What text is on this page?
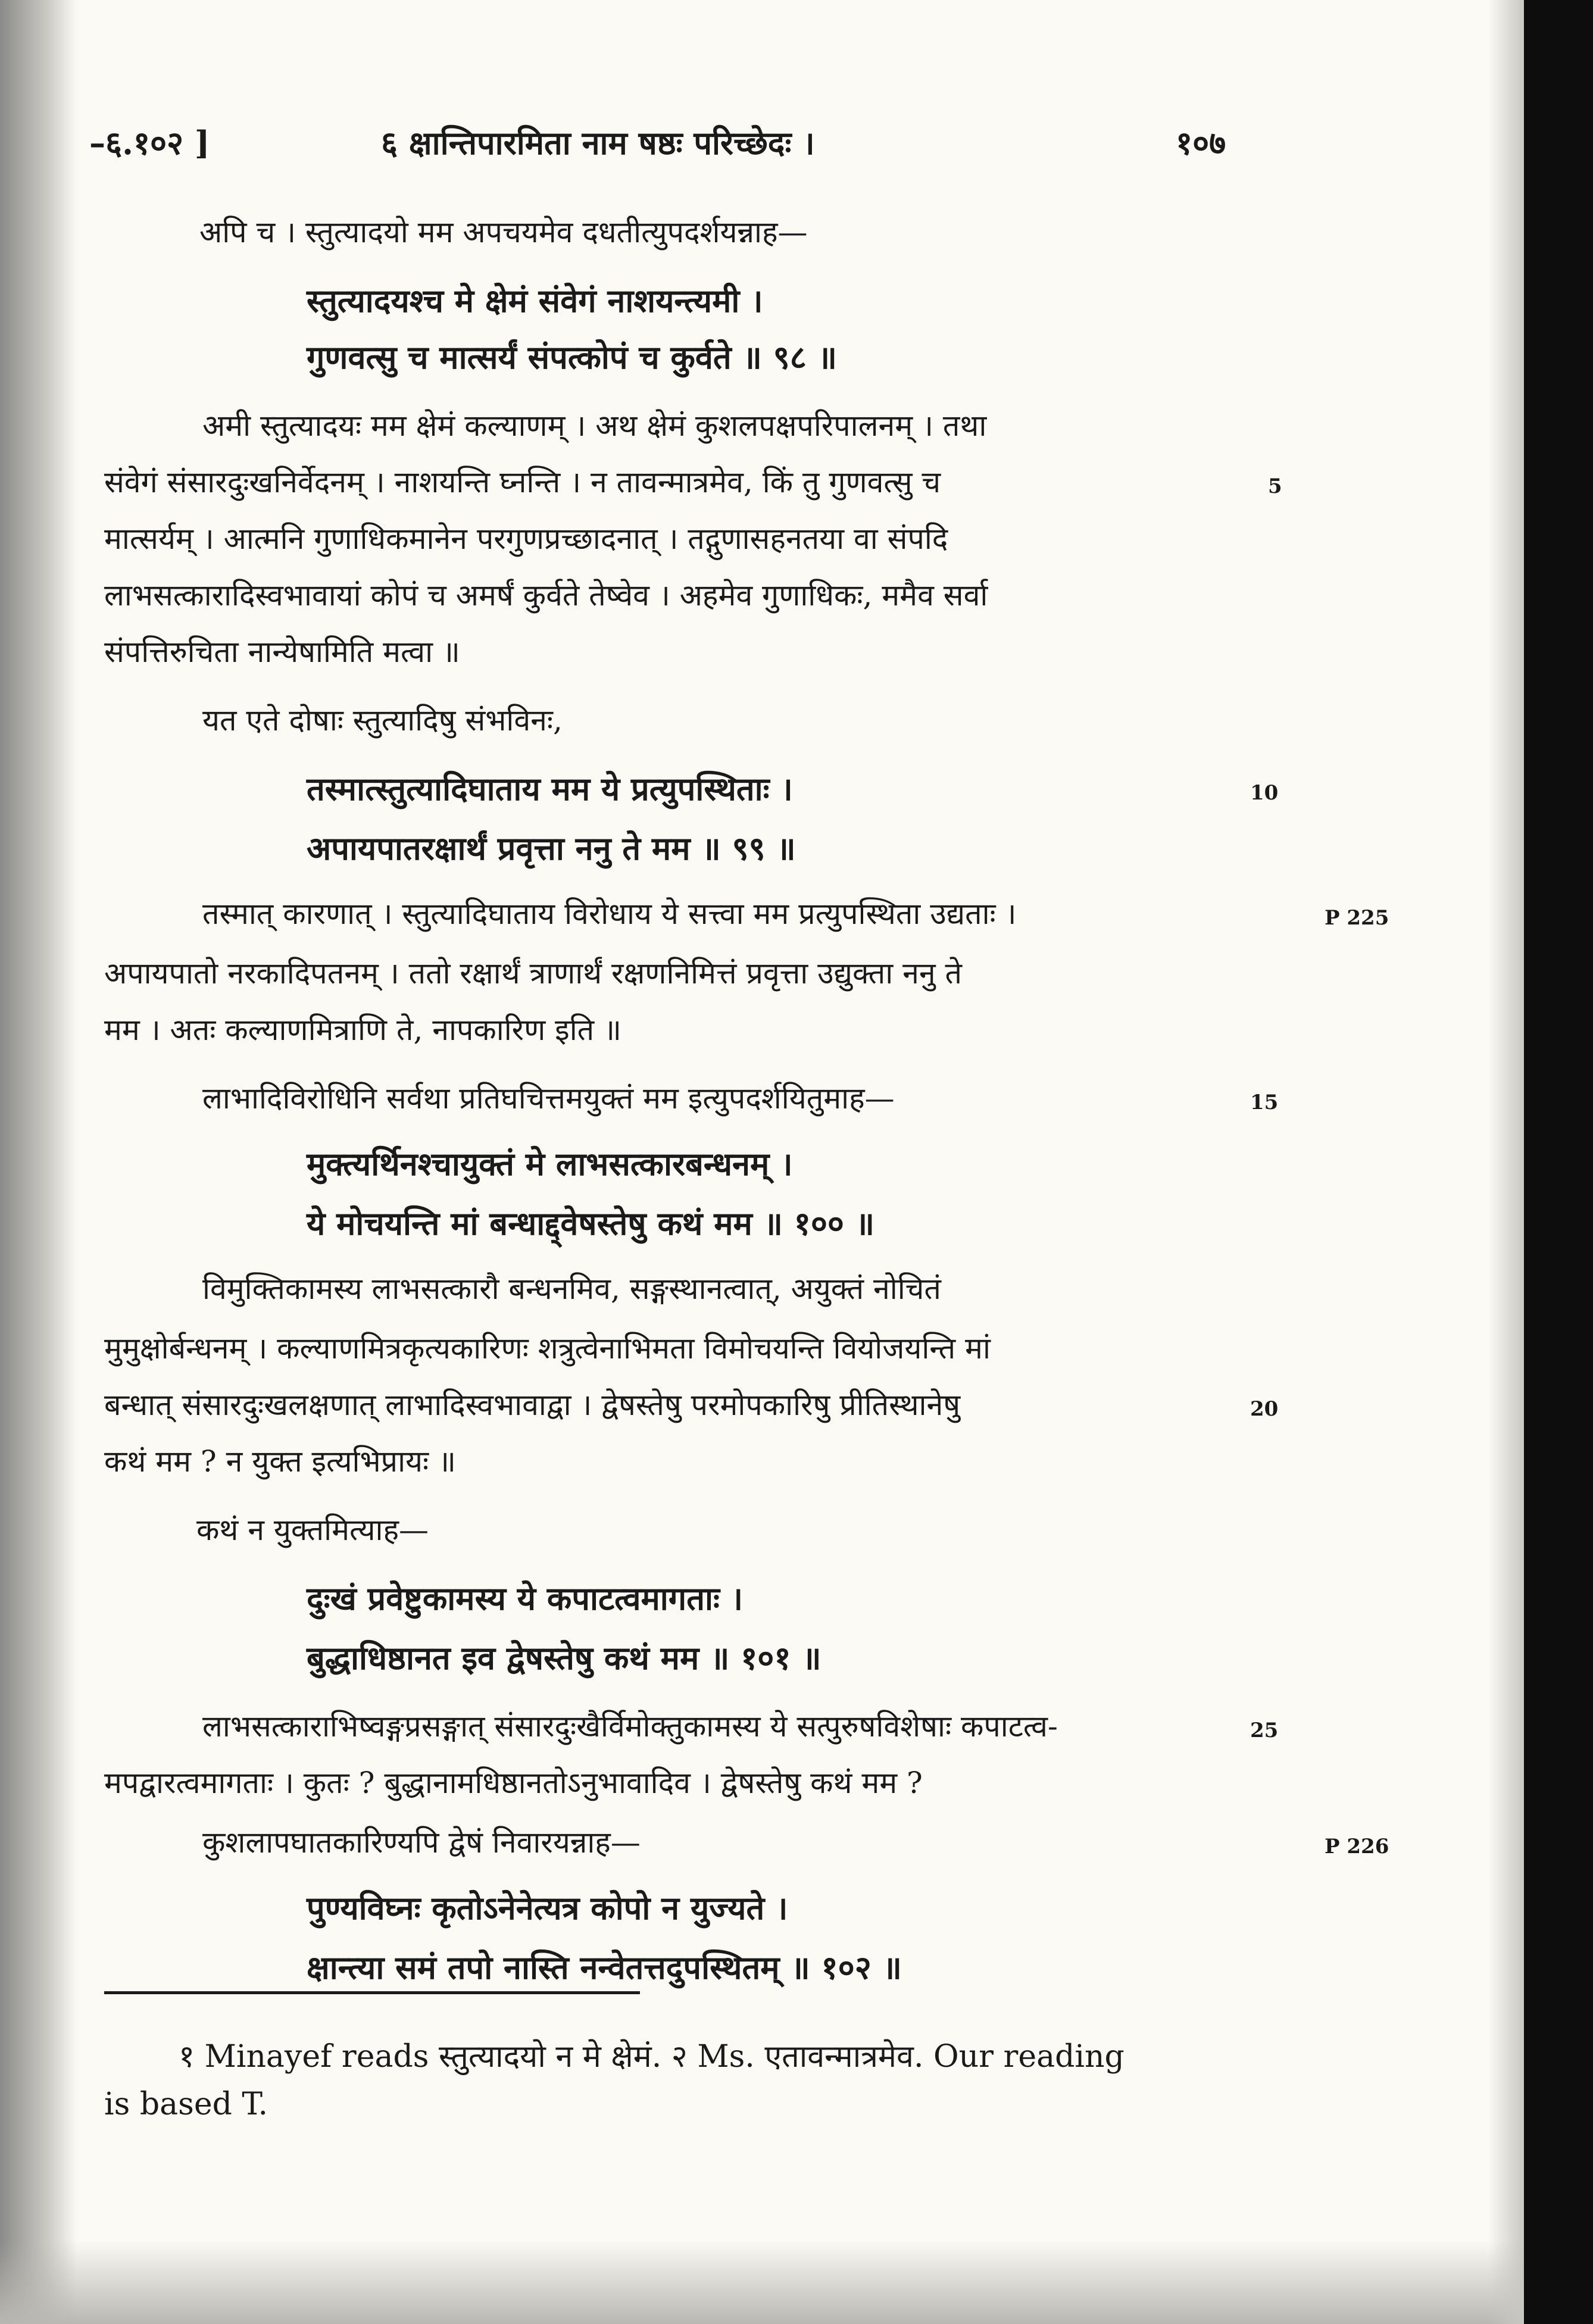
–६.१०२ ]	६ क्षान्तिपारमिता नाम षष्ठः परिच्छेदः ।	१०७
अपि च । स्तुत्यादयो मम अपचयमेव दधतीत्युपदर्शयन्नाह—
स्तुत्यादयश्च मे क्षेमं संवेगं नाशयन्त्यमी ।
गुणवत्सु च मात्सर्यं संपत्कोपं च कुर्वते ॥ ९८ ॥
अमी स्तुत्यादयः मम क्षेमं कल्याणम् । अथ क्षेमं कुशलपक्षपरिपालनम् । तथा
संवेगं संसारदुःखनिर्वेदनम् । नाशयन्ति घ्नन्ति । न तावन्मात्रमेव, किं तु गुणवत्सु च
मात्सर्यम् । आत्मनि गुणाधिकमानेन परगुणप्रच्छादनात् । तद्गुणासहनतया वा संपदि
लाभसत्कारादिस्वभावायां कोपं च अमर्षं कुर्वते तेष्वेव । अहमेव गुणाधिकः, ममैव सर्वा
संपत्तिरुचिता नान्येषामिति मत्वा ॥
यत एते दोषाः स्तुत्यादिषु संभविनः,
तस्मात्स्तुत्यादिघाताय मम ये प्रत्युपस्थिताः ।
अपायपातरक्षार्थं प्रवृत्ता ननु ते मम ॥ ९९ ॥
तस्मात् कारणात् । स्तुत्यादिघाताय विरोधाय ये सत्त्वा मम प्रत्युपस्थिता उद्यताः ।
अपायपातो नरकादिपतनम् । ततो रक्षार्थं त्राणार्थं रक्षणनिमित्तं प्रवृत्ता उद्युक्ता ननु ते
मम । अतः कल्याणमित्राणि ते, नापकारिण इति ॥
लाभादिविरोधिनि सर्वथा प्रतिघचित्तमयुक्तं मम इत्युपदर्शयितुमाह—
मुक्त्यर्थिनश्चायुक्तं मे लाभसत्कारबन्धनम् ।
ये मोचयन्ति मां बन्धाद्द्वेषस्तेषु कथं मम ॥ १०० ॥
विमुक्तिकामस्य लाभसत्कारौ बन्धनमिव, सङ्गस्थानत्वात्, अयुक्तं नोचितं
मुमुक्षोर्बन्धनम् । कल्याणमित्रकृत्यकारिणः शत्रुत्वेनाभिमता विमोचयन्ति वियोजयन्ति मां
बन्धात् संसारदुःखलक्षणात् लाभादिस्वभावाद्वा । द्वेषस्तेषु परमोपकारिषु प्रीतिस्थानेषु
कथं मम ? न युक्त इत्यभिप्रायः ॥
कथं न युक्तमित्याह—
दुःखं प्रवेष्टुकामस्य ये कपाटत्वमागताः ।
बुद्धाधिष्ठानत इव द्वेषस्तेषु कथं मम ॥ १०१ ॥
लाभसत्काराभिष्वङ्गप्रसङ्गात् संसारदुःखैर्विमोक्तुकामस्य ये सत्पुरुषविशेषाः कपाटत्व-
मपद्वारत्वमागताः । कुतः ? बुद्धानामधिष्ठानतोऽनुभावादिव । द्वेषस्तेषु कथं मम ?
कुशलापघातकारिण्यपि द्वेषं निवारयन्नाह—
पुण्यविघ्नः कृतोऽनेनेत्यत्र कोपो न युज्यते ।
क्षान्त्या समं तपो नास्ति नन्वेतत्तदुपस्थितम् ॥ १०२ ॥
5
10
15
20
25
P 225
P 226
१ Minayef reads स्तुत्यादयो न मे क्षेमं. २ Ms. एतावन्मात्रमेव. Our reading
is based T.
